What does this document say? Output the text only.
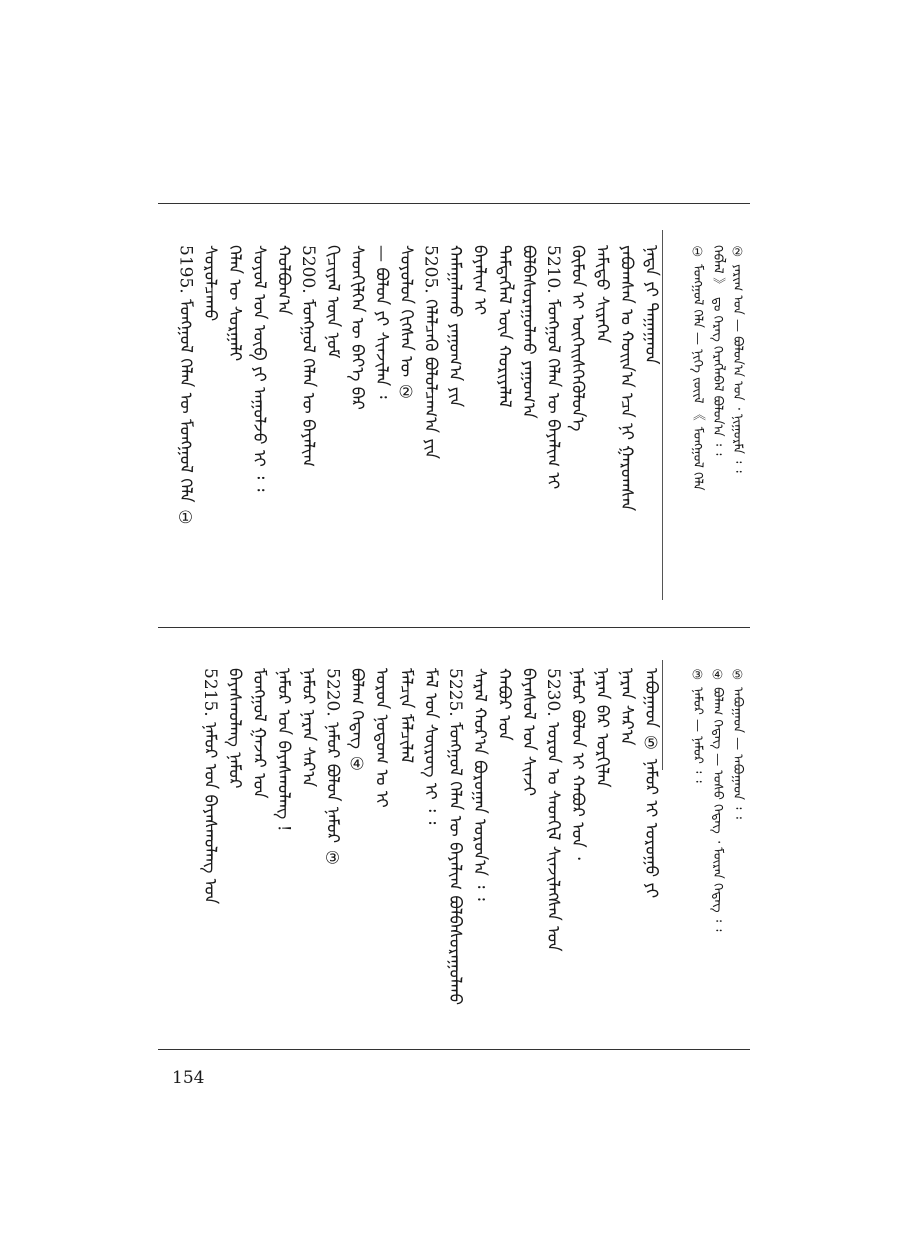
② ᠶᠠᠷᠢᠭ ᠤᠨ — ᠪᠣᠯᠤᠨ᠎ᠠ ᠤᠨ ᠂ ᠨᠢᠭᠤᠷᠮᠠ ᠄ ᠄
ᠬᠡᠪᠯᠡᠯ 》 ᠳᠤ ᠬᠡᠷᠡᠭ ᠬᠡᠷᠡᠭᠯᠡᠪᠡᠯ ᠪᠣᠯᠤᠨ᠎ᠠ ᠄ ᠄
① ᠮᠣᠩᠭᠣᠯ ᠬᠡᠯᠡ — ᠨᠢᠭᠡ ᠵᠦᠢᠯ 《 ᠮᠣᠩᠭᠣᠯ ᠬᠡᠯᠡ
ᠨᠠᠳᠠ ᠶᠢ ᠳᠠᠭᠠᠭᠠᠳ
ᠶᠠᠪᠤᠭᠰᠠᠨ ᠤ ᠬᠣᠢᠨ᠎ᠠ ᠡᠴᠡ ᠨᠢ ᠭᠠᠷᠤᠭᠰᠠᠨ
ᠠᠮᠢᠳᠤ ᠰᠢᠷᠡᠭᠡᠨ
ᠬᠦᠮᠦᠨ ᠢ ᠦᠭᠡᠢᠰᠭᠡᠭᠦᠯᠦᠨ᠎ᠡ
5210. ᠮᠣᠩᠭᠣᠯ ᠬᠡᠯᠡᠨ ᠦ ᠪᠠᠶᠠᠯᠢᠭ ᠢ
ᠪᠣᠯᠪᠠᠰᠤᠷᠠᠭᠤᠯᠬᠤ ᠶᠠᠭᠤᠭ᠎ᠠ
ᠲᠡᠮᠳᠡᠭᠯᠡᠯ ᠦᠨ ᠬᠣᠷᠢᠶᠠᠯᠠᠯ
ᠪᠠᠶᠠᠯᠢᠭ ᠢ
ᠬᠠᠮᠠᠭᠠᠯᠠᠬᠤ ᠶᠠᠭᠤᠭ᠎ᠠ ᠶᠢᠨ
5205. ᠬᠡᠯᠡᠯᠴᠡᠬᠦ ᠪᠣᠯᠤᠯᠴᠠᠭ᠎ᠠ ᠶᠢᠨ
ᠰᠣᠶᠣᠯᠤᠨ ᠬᠢᠭᠰᠡᠨ ᠦ ②
— ᠪᠣᠯᠤᠨ ᠶᠢ ᠰᠢᠨᠵᠢᠯᠡᠨ ᠄
ᠰᠡᠳᠬᠢᠯᠭᠡᠨ ᠦ ᠪᠡᠶ᠎ᠡ ᠪᠠᠷ
ᠬᠢᠴᠢᠶᠡᠯ ᠦᠨ ᠨᠣᠮ
5200. ᠮᠣᠩᠭᠣᠯ ᠬᠡᠯᠡᠨ ᠦ ᠪᠠᠶᠠᠯᠢᠭ
ᠬᠣᠯᠪᠣᠭ᠎ᠠ
ᠰᠣᠶᠣᠯ ᠤᠨ ᠦᠪ ᠶᠢ ᠠᠭᠤᠯᠵᠤ ᠢ ᠄ ᠄
ᠬᠡᠯᠡᠨ ᠦ ᠰᠤᠷᠭᠠᠯᠢ
ᠰᠤᠷᠤᠯᠴᠠᠬᠤ
5195. ᠮᠣᠩᠭᠣᠯ ᠬᠡᠯᠡᠨ ᠦ ᠮᠣᠩᠭᠣᠯ ᠬᠡᠯᠡ ①
⑤ ᠠᠪᠤᠭᠠᠳ — ᠠᠪᠤᠭᠠᠳ ᠄ ᠄
④ ᠪᠤᠯᠠᠭ ᠭᠡᠳᠡᠭ — ᠤᠰᠤ ᠭᠡᠳᠡᠭ ᠂ ᠮᠥᠷᠡᠨ ᠭᠡᠳᠡᠭ ᠄ ᠄
③ ᠨᠠᠮᠤᠷ — ᠨᠠᠮᠤᠷ ᠄ ᠄
ᠠᠪᠤᠭᠠᠳ ⑤ ᠨᠠᠮᠤᠷ ᠢ ᠤᠷᠤᠭᠤ ᠶᠢ
ᠨᠠᠷᠠᠨ ᠰᠠᠷ᠎ᠠ
ᠨᠠᠷᠠᠨ ᠪᠠᠷ ᠤᠷᠬᠢᠯᠠᠨ
ᠨᠠᠮᠤᠷ ᠪᠣᠯᠤᠨ ᠢ ᠬᠠᠪᠤᠷ ᠤᠨ ᠂
5230. ᠣᠷᠣᠨ ᠤ ᠰᠡᠳᠬᠢᠯ ᠰᠢᠨᠵᠢᠯᠡᠭᠰᠡᠨ ᠤᠨ
ᠪᠠᠶᠠᠰᠤᠯ ᠤᠨ ᠰᠢᠨᠵᠢ
ᠬᠠᠪᠤᠷ ᠤᠨ
ᠰᠠᠷᠠᠯ ᠬᠤᠷ᠎ᠠ ᠪᠣᠷᠤᠭᠠᠨ ᠤᠷᠤᠨ᠎ᠠ ᠄ ᠄
5225. ᠮᠣᠩᠭᠣᠯ ᠬᠡᠯᠡᠨ ᠦ ᠪᠠᠶᠠᠯᠢᠭ ᠪᠣᠯᠪᠠᠰᠤᠷᠠᠭᠤᠯᠬᠤ
ᠮᠠᠯ ᠤᠨ ᠰᠦᠷᠦᠭ ᠢ ᠄ ᠄
ᠮᠠᠯᠴᠢᠨ ᠮᠠᠯᠴᠢᠯᠠᠯ
ᠣᠷᠣᠨ ᠨᠤᠲᠤᠭ ᠤ ᠢ
ᠪᠤᠯᠠᠭ ᠭᠡᠳᠡᠭ ④
5220. ᠨᠠᠮᠤᠷ ᠪᠣᠯᠤᠨ ᠨᠠᠮᠤᠷ ③
ᠨᠠᠮᠤᠷ ᠨᠠᠷᠠᠨ ᠰᠠᠷ᠎ᠠ
ᠨᠠᠮᠤᠷ ᠤᠨ ᠪᠠᠶᠠᠰᠬᠤᠯᠠᠩ !
ᠮᠣᠩᠭᠣᠯ ᠭᠠᠵᠠᠷ ᠤᠨ
ᠪᠠᠶᠠᠰᠬᠤᠯᠠᠩ ᠨᠠᠮᠤᠷ
5215. ᠨᠠᠮᠤᠷ ᠤᠨ ᠪᠠᠶᠠᠰᠬᠤᠯᠠᠩ ᠤᠨ
154
